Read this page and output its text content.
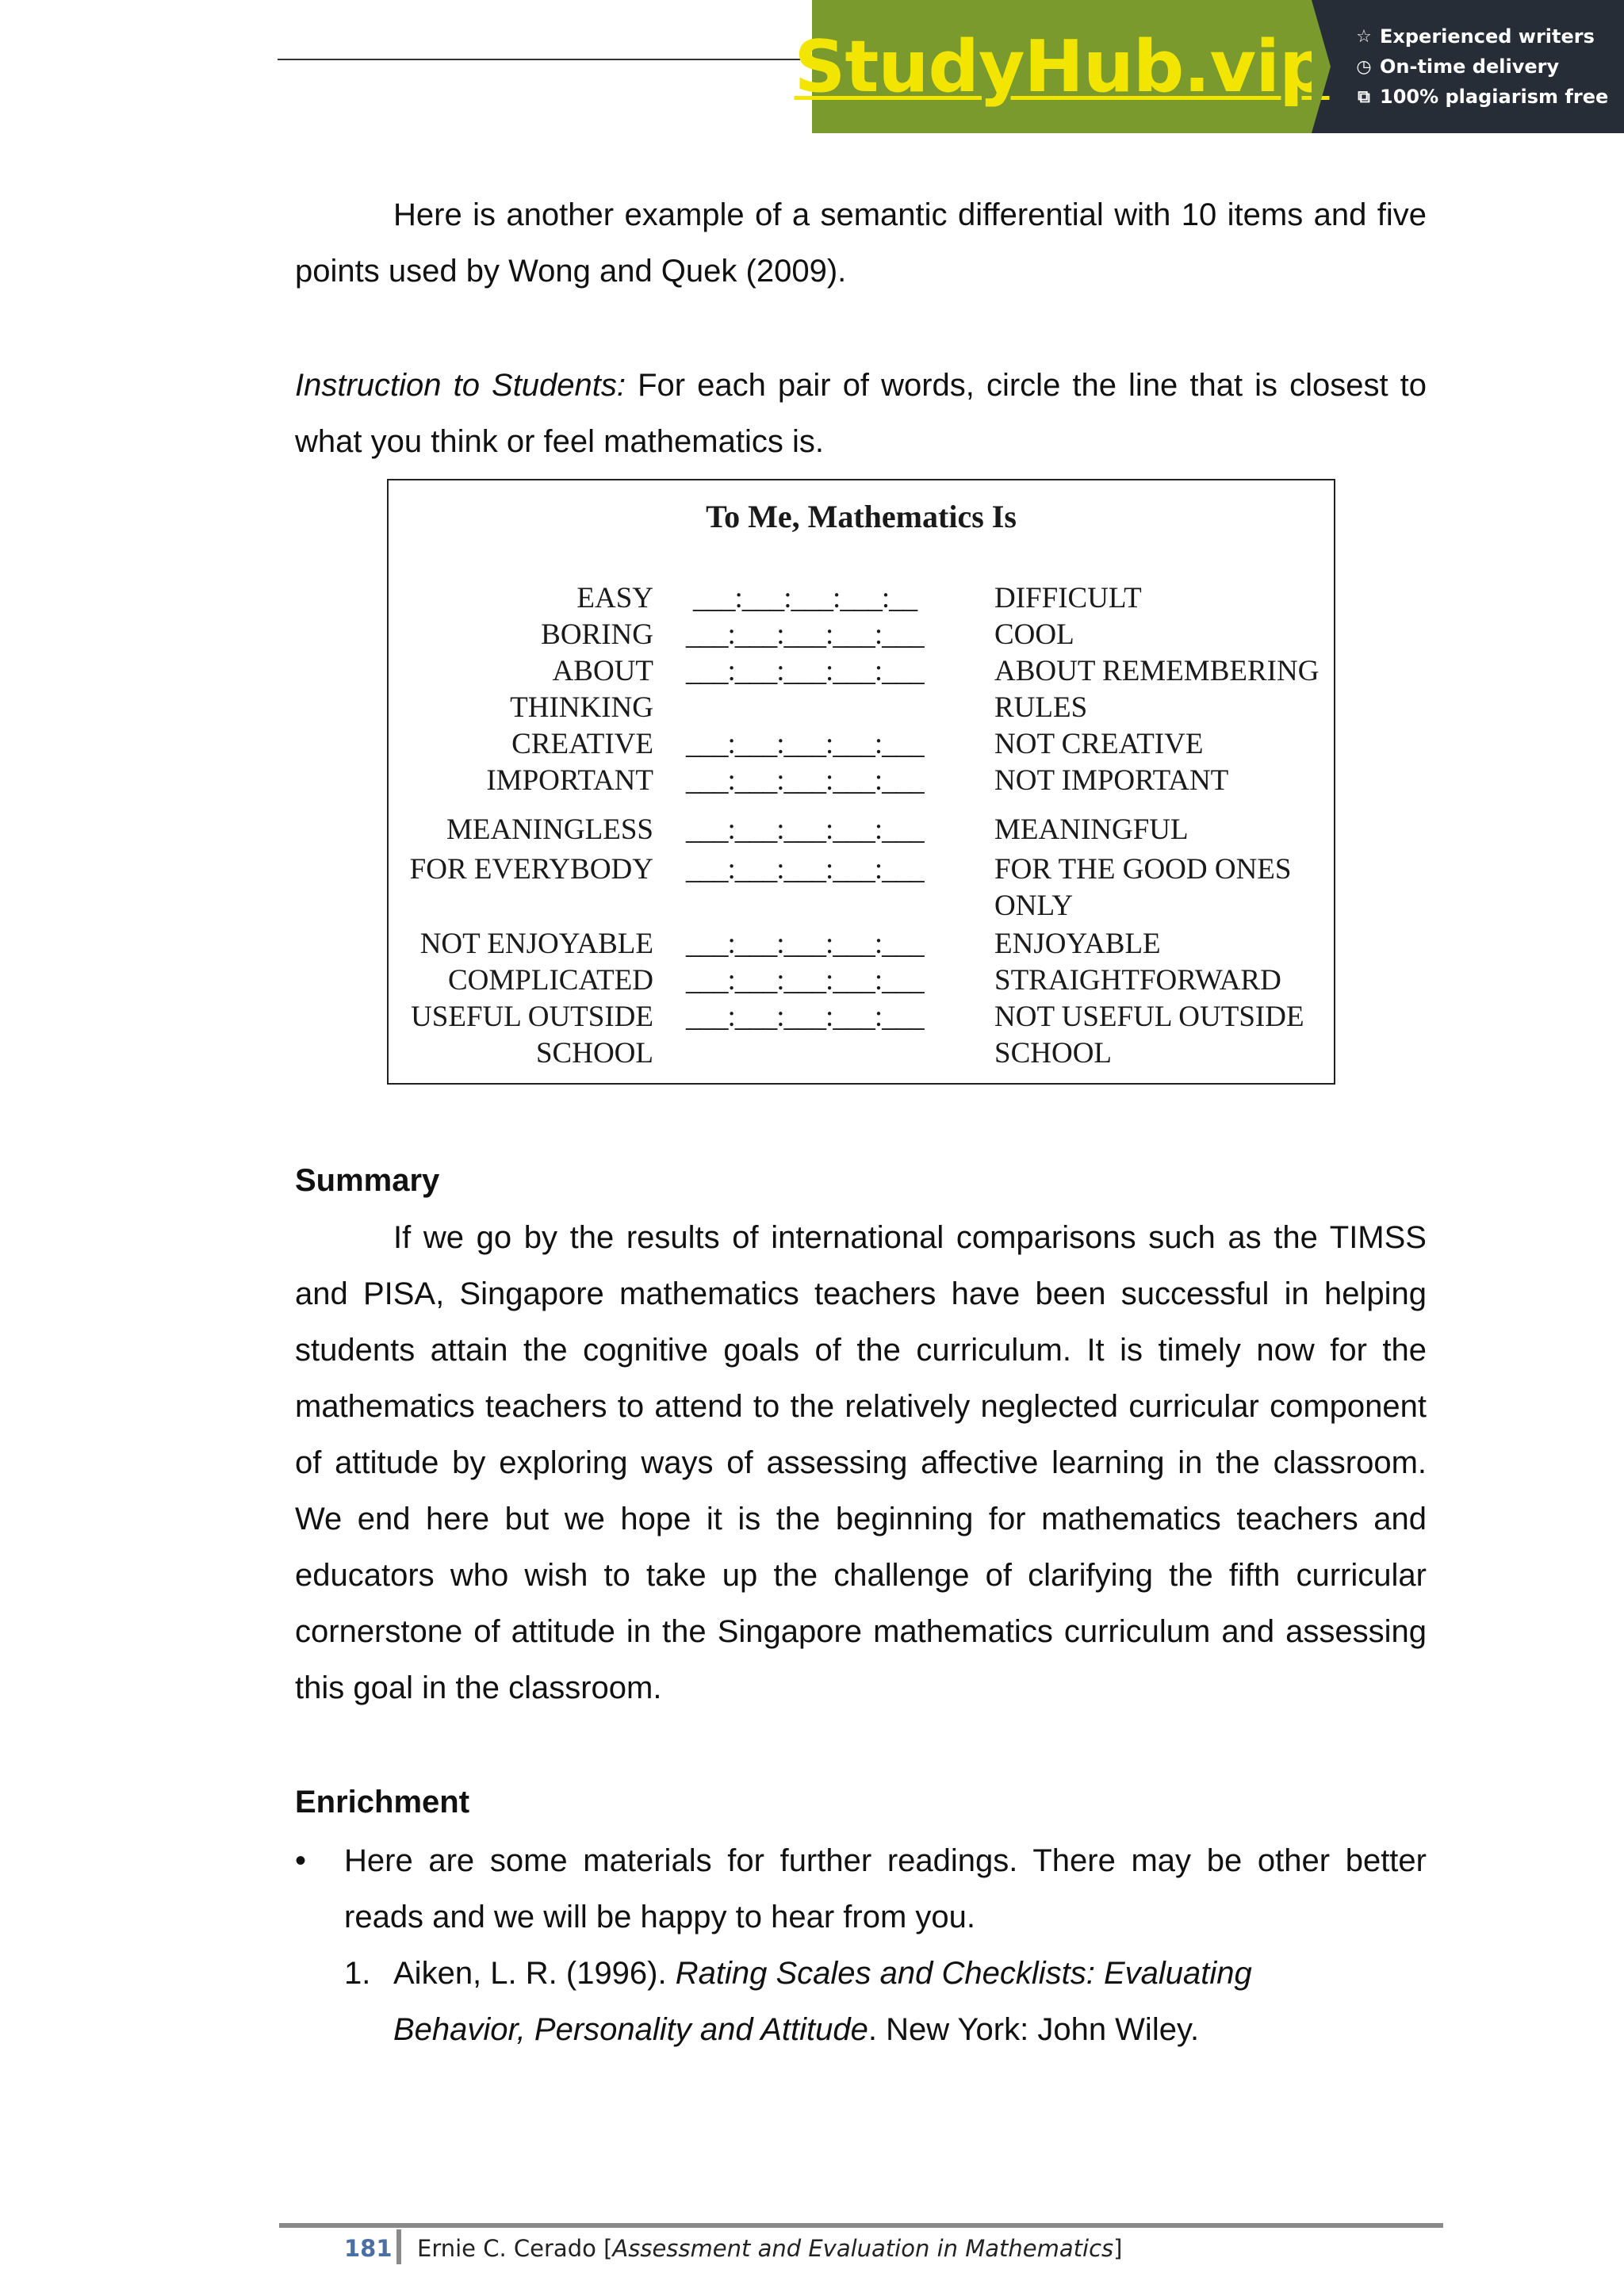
StudyHub.vip ☆ Experienced writers
◷ On-time delivery
⧉ 100% plagiarism free

Here is another example of a semantic differential with 10 items and five points used by Wong and Quek (2009).

Instruction to Students: For each pair of words, circle the line that is closest to what you think or feel mathematics is.

To Me, Mathematics Is
EASY ___:___:___:___:__	DIFFICULT
BORING ___:___:___:___:___	COOL
ABOUT ___:___:___:___:___	ABOUT REMEMBERING
THINKING	RULES
CREATIVE ___:___:___:___:___	NOT CREATIVE
IMPORTANT ___:___:___:___:___	NOT IMPORTANT
MEANINGLESS ___:___:___:___:___	MEANINGFUL
FOR EVERYBODY ___:___:___:___:___	FOR THE GOOD ONES
ONLY
NOT ENJOYABLE ___:___:___:___:___	ENJOYABLE
COMPLICATED ___:___:___:___:___	STRAIGHTFORWARD
USEFUL OUTSIDE ___:___:___:___:___	NOT USEFUL OUTSIDE
SCHOOL	SCHOOL

Summary

If we go by the results of international comparisons such as the TIMSS and PISA, Singapore mathematics teachers have been successful in helping students attain the cognitive goals of the curriculum. It is timely now for the mathematics teachers to attend to the relatively neglected curricular component of attitude by exploring ways of assessing affective learning in the classroom. We end here but we hope it is the beginning for mathematics teachers and educators who wish to take up the challenge of clarifying the fifth curricular cornerstone of attitude in the Singapore mathematics curriculum and assessing this goal in the classroom.

Enrichment

• Here are some materials for further readings. There may be other better reads and we will be happy to hear from you.
1. Aiken, L. R. (1996). Rating Scales and Checklists: Evaluating Behavior, Personality and Attitude. New York: John Wiley.
181 Ernie C. Cerado [Assessment and Evaluation in Mathematics]
